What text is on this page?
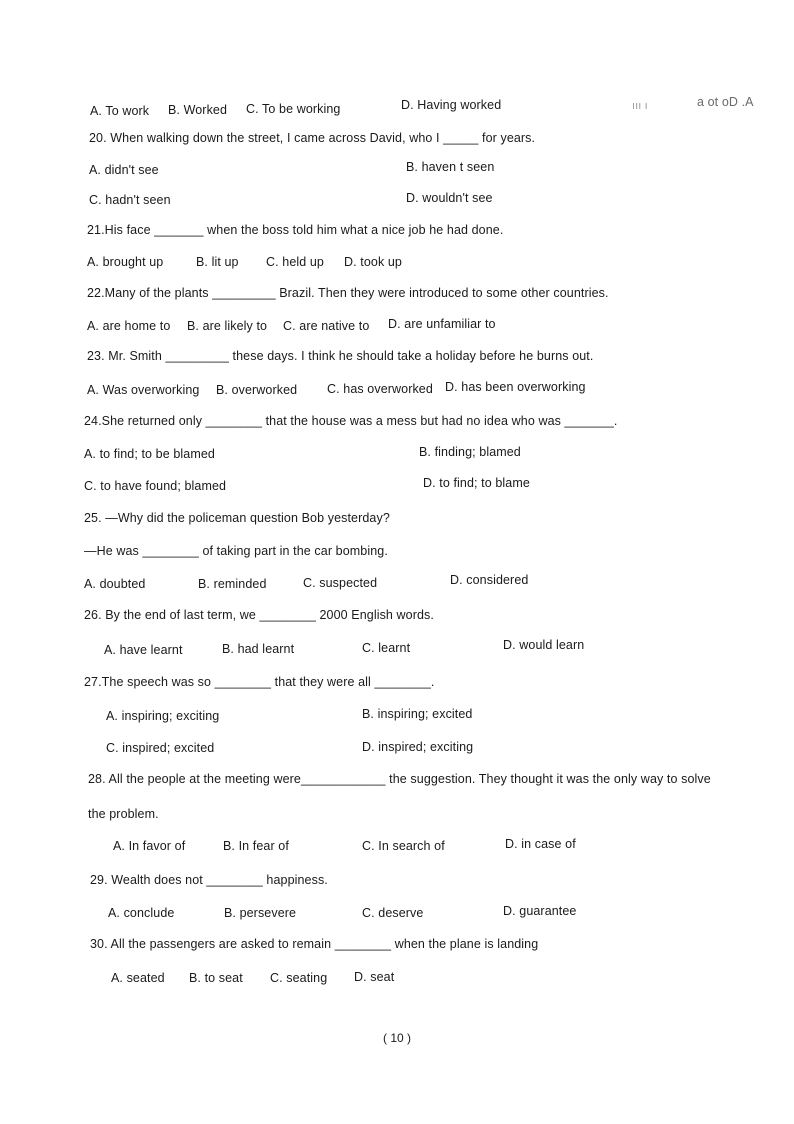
A. To work B. Worked C. To be working	D. Having worked	ııı ı	a ot oD .A
20. When walking down the street, I came across David, who I _____ for years.
A. didn't see	B. haven t seen
C. hadn't seen	D. wouldn't see
21.His face _______ when the boss told him what a nice job he had done.
A. brought up	B. lit up C. held up D. took up
22.Many of the plants _________ Brazil. Then they were introduced to some other countries.
A. are home to B. are likely to C. are native to D. are unfamiliar to
23. Mr. Smith _________ these days. I think he should take a holiday before he burns out.
A. Was overworking B. overworked C. has overworked D. has been overworking
24.She returned only ________ that the house was a mess but had no idea who was _______.
A. to find; to be blamed	B. finding; blamed
C. to have found; blamed	D. to find; to blame
25. —Why did the policeman question Bob yesterday?
—He was ________ of taking part in the car bombing.
A. doubted	B. reminded	C. suspected	D. considered
26. By the end of last term, we ________ 2000 English words.
A. have learnt	B. had learnt	C. learnt	D. would learn
27.The speech was so ________ that they were all ________.
A. inspiring; exciting	B. inspiring; excited
C. inspired; excited	D. inspired; exciting
28. All the people at the meeting were____________ the suggestion. They thought it was the only way to solve
the problem.
A. In favor of	B. In fear of	C. In search of	D. in case of
29. Wealth does not ________ happiness.
A. conclude	B. persevere	C. deserve	D. guarantee
30. All the passengers are asked to remain ________ when the plane is landing
A. seated B. to seat C. seating D. seat
( 10 )
